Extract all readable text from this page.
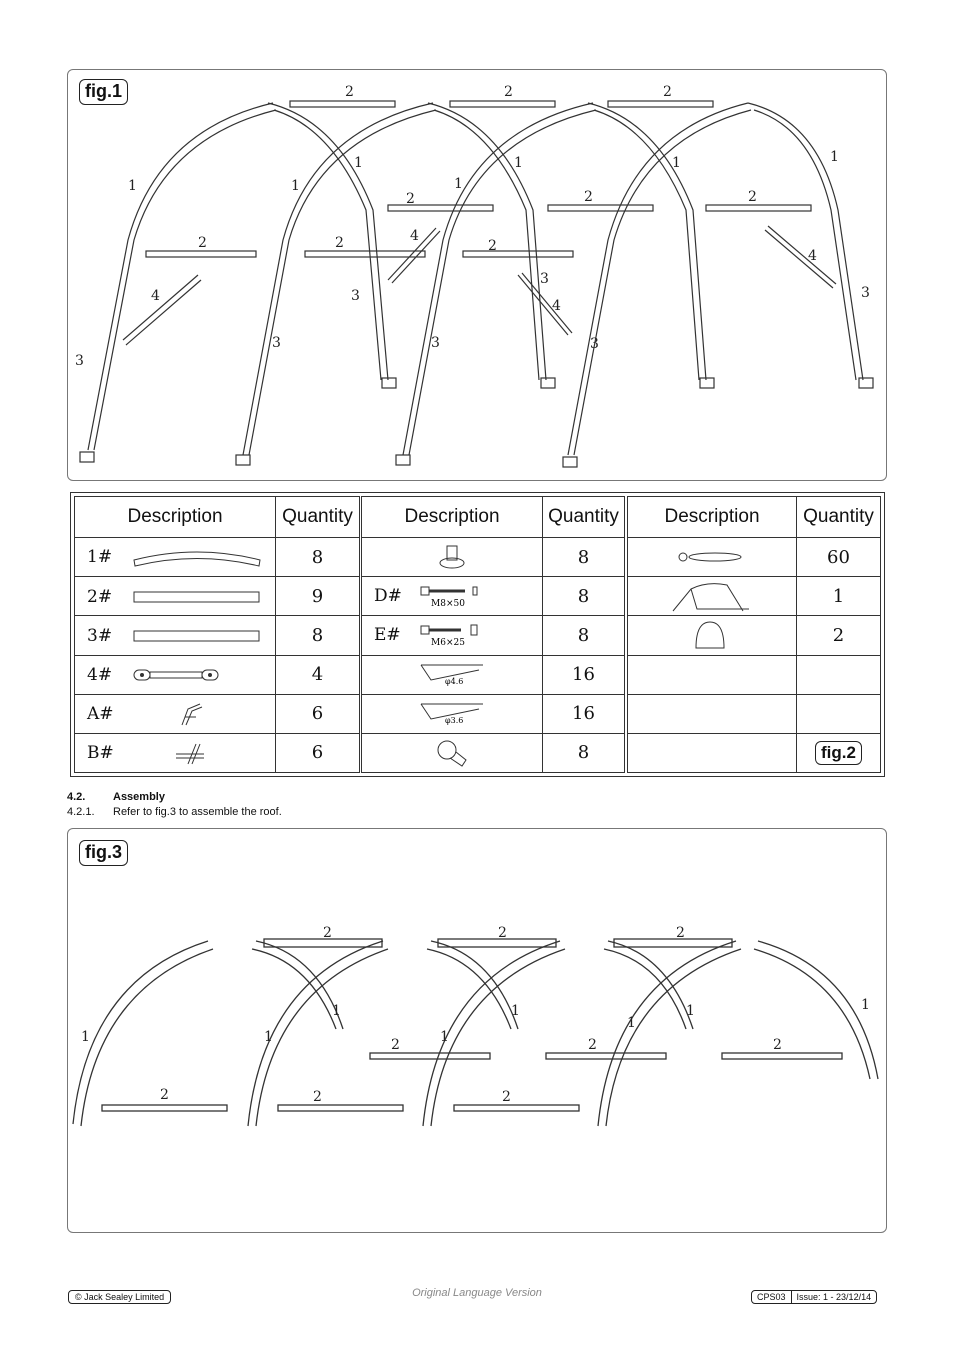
fig.1	2	2	2
1	1	1
1	1	1	1
2	2	2
2	2	2
4
4
4
4
3
3
3
3
3
3
3
Description	Quantity
1#	8
2#	9
3#	8
4#	4
A#	6
B#	6
Description	Quantity
	8
D# M8×50	8
E# M6×25	8

φ4.6	16

φ3.6	16
	8
Description	Quantity
	60
	1
	2

	fig.2
4.2.	Assembly
4.2.1. Refer to fig.3 to assemble the roof.
fig.3
2	2	2
1	1	1
1
1	1	1	1
2	2	2
2	2	2
© Jack Sealey Limited	Original Language Version	CPS03	Issue: 1 - 23/12/14
